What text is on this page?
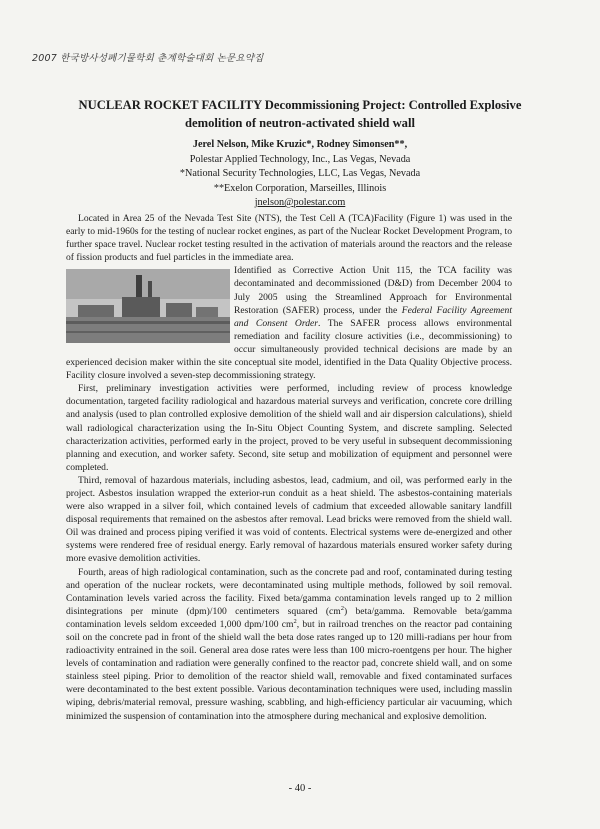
2007 한국방사성폐기물학회 춘계학술대회 논문요약집
NUCLEAR ROCKET FACILITY Decommissioning Project: Controlled Explosive
demolition of neutron-activated shield wall
Jerel Nelson, Mike Kruzic*, Rodney Simonsen**,
Polestar Applied Technology, Inc., Las Vegas, Nevada
*National Security Technologies, LLC, Las Vegas, Nevada
**Exelon Corporation, Marseilles, Illinois
jnelson@polestar.com

Located in Area 25 of the Nevada Test Site (NTS), the Test Cell A (TCA)Facility (Figure 1) was used in the early to mid-1960s for the testing of nuclear rocket engines, as part of the Nuclear Rocket Development Program, to further space travel. Nuclear rocket testing resulted in the activation of materials around the reactors and the release of fission products and fuel particles in the immediate area.

Identified as Corrective Action Unit 115, the TCA facility was decontaminated and decommissioned (D&D) from December 2004 to July 2005 using the Streamlined Approach for Environmental Restoration (SAFER) process, under the Federal Facility Agreement and Consent Order. The SAFER process allows environmental remediation and facility closure activities (i.e., decommissioning) to occur simultaneously provided technical decisions are made by an experienced decision maker within the site conceptual site model, identified in the Data Quality Objective process. Facility closure involved a seven-step decommissioning strategy.

First, preliminary investigation activities were performed, including review of process knowledge documentation, targeted facility radiological and hazardous material surveys and verification, concrete core drilling and analysis (used to plan controlled explosive demolition of the shield wall and air dispersion calculations), shield wall radiological characterization using the In-Situ Object Counting System, and discrete sampling. Selected characterization activities, performed early in the project, proved to be very useful in subsequent decommissioning planning and execution, and worker safety. Second, site setup and mobilization of equipment and personnel were completed.

Third, removal of hazardous materials, including asbestos, lead, cadmium, and oil, was performed early in the project. Asbestos insulation wrapped the exterior-run conduit as a heat shield. The asbestos-containing materials were also wrapped in a silver foil, which contained levels of cadmium that exceeded allowable sanitary landfill disposal requirements that remained on the asbestos after removal. Lead bricks were removed from the shield wall. Oil was drained and process piping verified it was void of contents. Electrical systems were de-energized and other systems were rendered free of residual energy. Early removal of hazardous materials ensured worker safety during more evasive demolition activities.

Fourth, areas of high radiological contamination, such as the concrete pad and roof, contaminated during testing and operation of the nuclear rockets, were decontaminated using multiple methods, followed by soil removal. Contamination levels varied across the facility. Fixed beta/gamma contamination levels ranged up to 2 million disintegrations per minute (dpm)/100 centimeters squared $(cm^2)$ beta/gamma. Removable beta/gamma contamination levels seldom exceeded 1,000 dpm/100 $cm^2$, but in railroad trenches on the reactor pad containing soil on the concrete pad in front of the shield wall the beta dose rates ranged up to 120 milli-radians per hour from radioactivity entrained in the soil. General area dose rates were less than 100 micro-roentgens per hour. The higher levels of contamination and radiation were generally confined to the reactor pad, concrete shield wall, and on some stainless steel piping. Prior to demolition of the reactor shield wall, removable and fixed contaminated surfaces were decontaminated to the best extent possible. Various decontamination techniques were used, including masslin wiping, debris/material removal, pressure washing, scabbling, and high-efficiency particular air vacuuming, which minimized the suspension of contamination into the atmosphere during mechanical and explosive demolition.

- 40 -
